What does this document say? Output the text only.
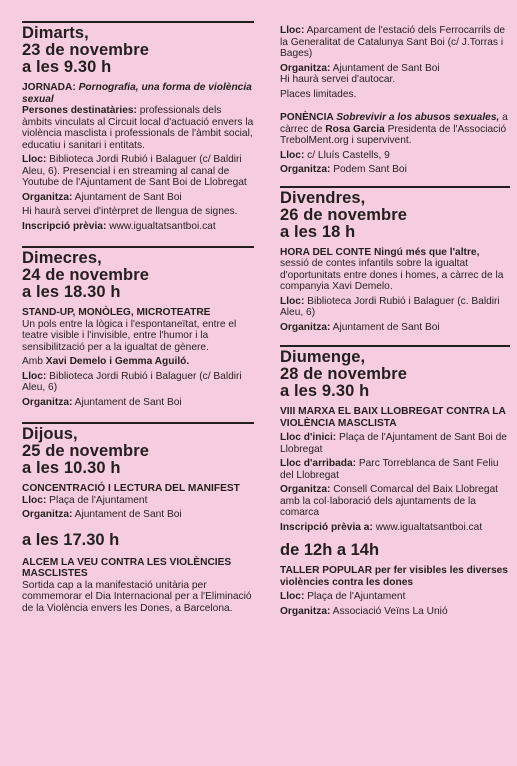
Dimarts,
23 de novembre
a les 9.30 h

JORNADA: Pornografia, una forma de violència sexual

Persones destinatàries: professionals dels àmbits vinculats al Circuit local d'actuació envers la violència masclista i professionals de l'àmbit social, educatiu i sanitari i entitats.

Lloc: Biblioteca Jordi Rubió i Balaguer (c/ Baldiri Aleu, 6). Presencial i en streaming al canal de Youtube de l'Ajuntament de Sant Boi de Llobregat

Organitza: Ajuntament de Sant Boi

Hi haurà servei d'intèrpret de llengua de signes.

Inscripció prèvia: www.igualtatsantboi.cat

Dimecres,
24 de novembre
a les 18.30 h

STAND-UP, MONÒLEG, MICROTEATRE

Un pols entre la lògica i l'espontaneïtat, entre el teatre visible i l'invisible, entre l'humor i la sensibilització per a la igualtat de gènere.

Amb Xavi Demelo i Gemma Aguiló.

Lloc: Biblioteca Jordi Rubió i Balaguer (c/ Baldiri Aleu, 6)

Organitza: Ajuntament de Sant Boi

Dijous,
25 de novembre
a les 10.30 h

CONCENTRACIÓ I LECTURA DEL MANIFEST

Lloc: Plaça de l'Ajuntament

Organitza: Ajuntament de Sant Boi

a les 17.30 h

ALCEM LA VEU CONTRA LES VIOLÈNCIES MASCLISTES

Sortida cap a la manifestació unitària per commemorar el Dia Internacional per a l'Eliminació de la Violència envers les Dones, a Barcelona.

Lloc: Aparcament de l'estació dels Ferrocarrils de la Generalitat de Catalunya Sant Boi (c/ J.Torras i Bages)

Organitza: Ajuntament de Sant Boi
Hi haurà servei d'autocar.

Places limitades.

PONÈNCIA Sobrevivir a los abusos sexuales, a càrrec de Rosa Garcia Presidenta de l'Associació TrebolMent.org i supervivent.

Lloc: c/ Lluís Castells, 9

Organitza: Podem Sant Boi

Divendres,
26 de novembre
a les 18 h

HORA DEL CONTE Ningú més que l'altre, sessió de contes infantils sobre la igualtat d'oportunitats entre dones i homes, a càrrec de la companyia Xavi Demelo.

Lloc: Biblioteca Jordi Rubió i Balaguer (c. Baldiri Aleu, 6)

Organitza: Ajuntament de Sant Boi

Diumenge,
28 de novembre
a les 9.30 h

VIII MARXA EL BAIX LLOBREGAT CONTRA LA VIOLÈNCIA MASCLISTA

Lloc d'inici: Plaça de l'Ajuntament de Sant Boi de Llobregat

Lloc d'arribada: Parc Torreblanca de Sant Feliu del Llobregat

Organitza: Consell Comarcal del Baix Llobregat amb la col·laboració dels ajuntaments de la comarca

Inscripció prèvia a: www.igualtatsantboi.cat

de 12h a 14h

TALLER POPULAR per fer visibles les diverses violències contra les dones

Lloc: Plaça de l'Ajuntament

Organitza: Associació Veïns La Unió
